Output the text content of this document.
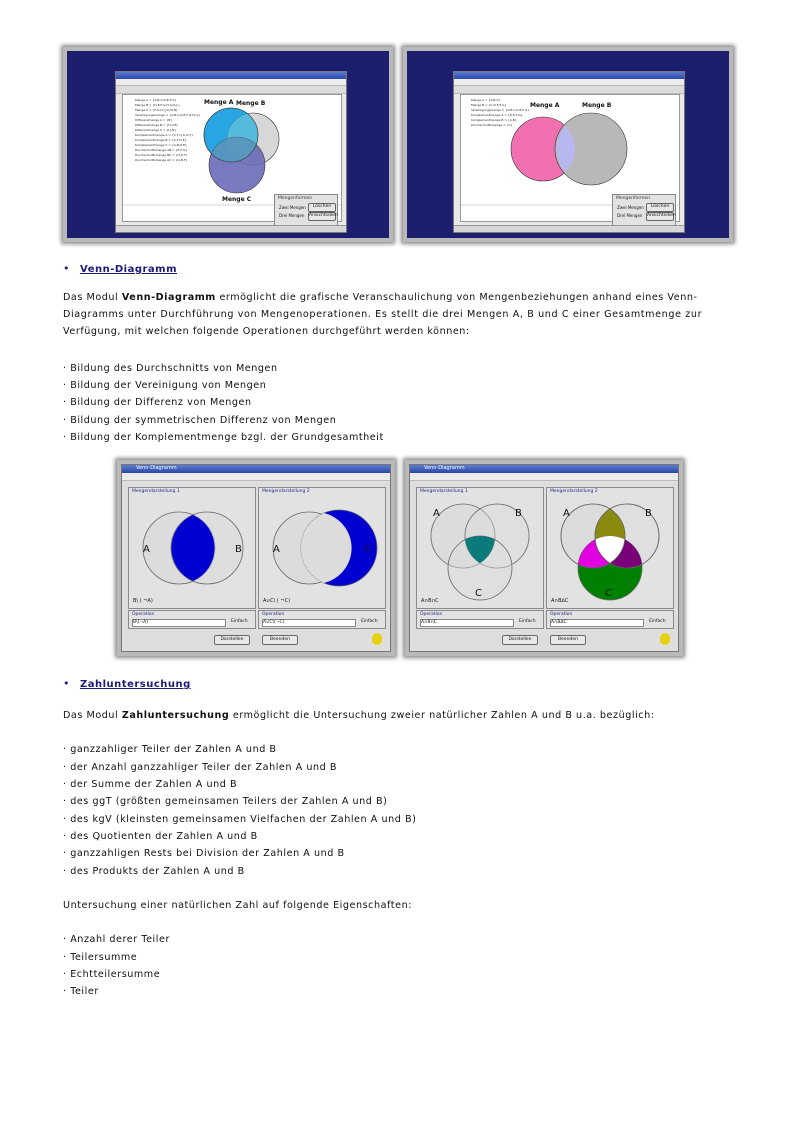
Menge A = {A,B,C,D,E,F,G}
Menge B = {D,E,F,G,H,I,J,K,L}
Menge C = {F,G,H,I,J,K,M,N}
Vereinigungsmenge = {A,B,C,D,E,F,G,H,I,J}
Differenzmenge A = {B}
Differenzmenge B = {H,I,M}
Differenzmenge C = {I,J,N}
Komplementmenge A = {C,F,I,J,K,O,T}
Komplementmenge B = {A,F,D,E}
Komplementmenge C = {A,B,D,E}
Durchschnittsmenge AB = {E,F,G}
Durchschnittsmenge BC = {H,O,T}
Durchschnittsmenge AC = {G,B,F}
Menge A Menge B
Menge C	Mengenformen
Zwei Mengen
Drei Mengen
Löschen
Ansichtsdien
Menge A = {A,B,C}
Menge B = {C,D,E,F,G}
Vereinigungsmenge = {A,B,C,D,E,F,G}
Komplementmenge A = {D,E,F,G}
Komplementmenge B = {A,B}
Durchschnittsmenge = {C}
Menge A	Menge B
Mengenformen
Zwei Mengen
Drei Mengen
Löschen
Ansichtsdien
• Venn-Diagramm
Das Modul Venn-Diagramm ermöglicht die grafische Veranschaulichung von Mengenbeziehungen anhand eines Venn-
Diagramms unter Durchführung von Mengenoperationen. Es stellt die drei Mengen A, B und C einer Gesamtmenge zur
Verfügung, mit welchen folgende Operationen durchgeführt werden können:
· Bildung des Durchschnitts von Mengen
· Bildung der Vereinigung von Mengen
· Bildung der Differenz von Mengen
· Bildung der symmetrischen Differenz von Mengen
· Bildung der Komplementmenge bzgl. der Grundgesamtheit
Venn-Diagramm
Mengendarstellung 1
A	B
B\ ( ¬A)
Mengendarstellung 2
A	C
A∪C\ ( ¬C)
Operation
B\(¬A)	Einfach
Operation
A∪C\(¬C)	Einfach
Darstellen	Beenden
Venn-Diagramm
Mengendarstellung 1
A	B
C
A∩B∩C
Mengendarstellung 2
A	B
C
A∩B∆C
Operation
A∩B∩C	Einfach
Operation
A∩B∆C	Einfach
Darstellen	Beenden
• Zahluntersuchung
Das Modul Zahluntersuchung ermöglicht die Untersuchung zweier natürlicher Zahlen A und B u.a. bezüglich:
· ganzzahliger Teiler der Zahlen A und B
· der Anzahl ganzzahliger Teiler der Zahlen A und B
· der Summe der Zahlen A und B
· des ggT (größten gemeinsamen Teilers der Zahlen A und B)
· des kgV (kleinsten gemeinsamen Vielfachen der Zahlen A und B)
· des Quotienten der Zahlen A und B
· ganzzahligen Rests bei Division der Zahlen A und B
· des Produkts der Zahlen A und B
Untersuchung einer natürlichen Zahl auf folgende Eigenschaften:
· Anzahl derer Teiler
· Teilersumme
· Echtteilersumme
· Teiler
